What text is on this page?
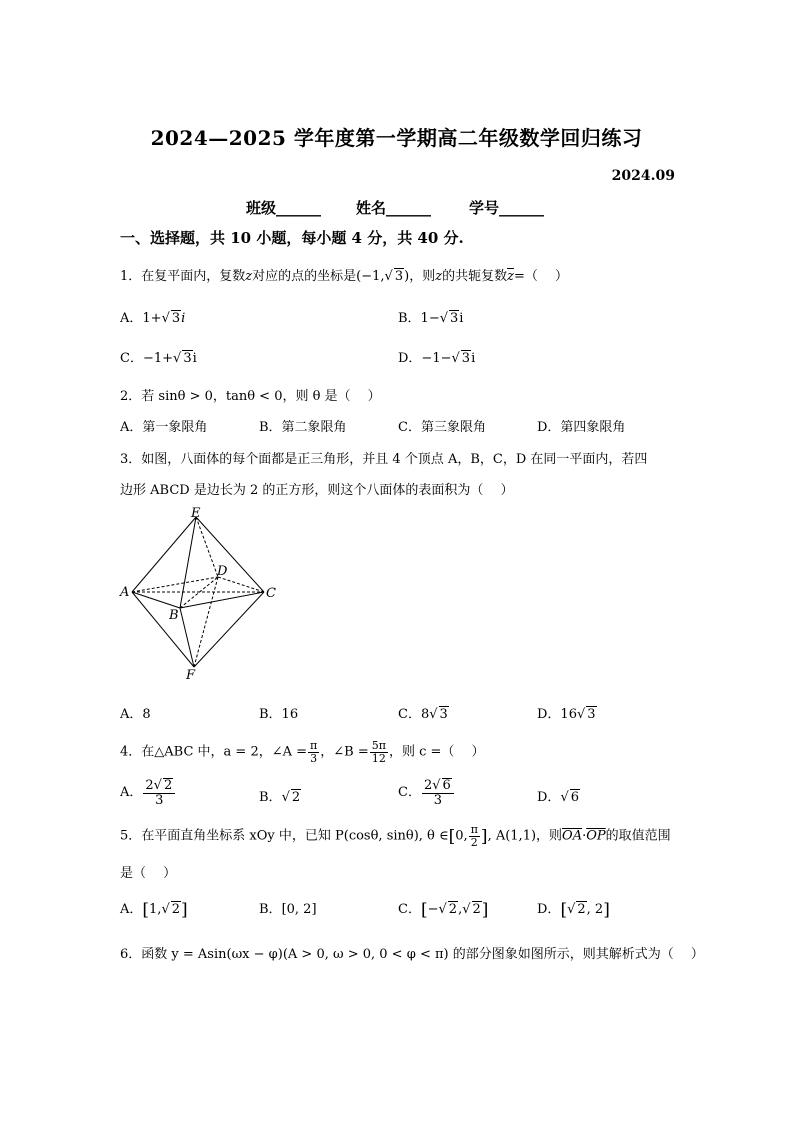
2024—2025 学年度第一学期高二年级数学回归练习
2024.09
班级______ 姓名______	学号______
一、选择题，共 10 小题，每小题 4 分，共 40 分.
1．在复平面内，复数z对应的点的坐标是(−1,√ 3)，则z的共轭复数$\overline{z}=$（　 ）
A．1+√ 3i	B．1−√ 3i
C．−1+√ 3i	D．−1−√ 3i
2．若 sinθ > 0，tanθ < 0，则 θ 是（　 ）
A．第一象限角	B．第二象限角	C．第三象限角	D．第四象限角
3．如图，八面体的每个面都是正三角形，并且 4 个顶点 A，B，C，D 在同一平面内，若四
边形 ABCD 是边长为 2 的正方形，则这个八面体的表面积为（　 ）
E
D
A	C
B
F
A．8	B．16	C．8√ 3	D．16√ 3
4．在△ABC 中，a = 2，∠A = $\frac{\pi}{3}$ ，∠B = $\frac{5\pi}{12}$ ，则 c =（　 ）
A． $\frac{2√ 2}{3}$	B．√ 2	C． $\frac{2√ 6}{3}$	D．√ 6
5．在平面直角坐标系 xOy 中，已知 P(cosθ, sinθ), θ ∈[0, $\frac{\pi}{2}$ ], A(1,1)，则$\overline{OA}\cdot\overline{OP}$的取值范围
是（　 ）
A．[1,√ 2]	B．[0, 2]	C．[−√ 2,√ 2]	D．[√ 2, 2]
6．函数 y = Asin(ωx − φ)(A > 0, ω > 0, 0 < φ < π) 的部分图象如图所示，则其解析式为（　 ）
